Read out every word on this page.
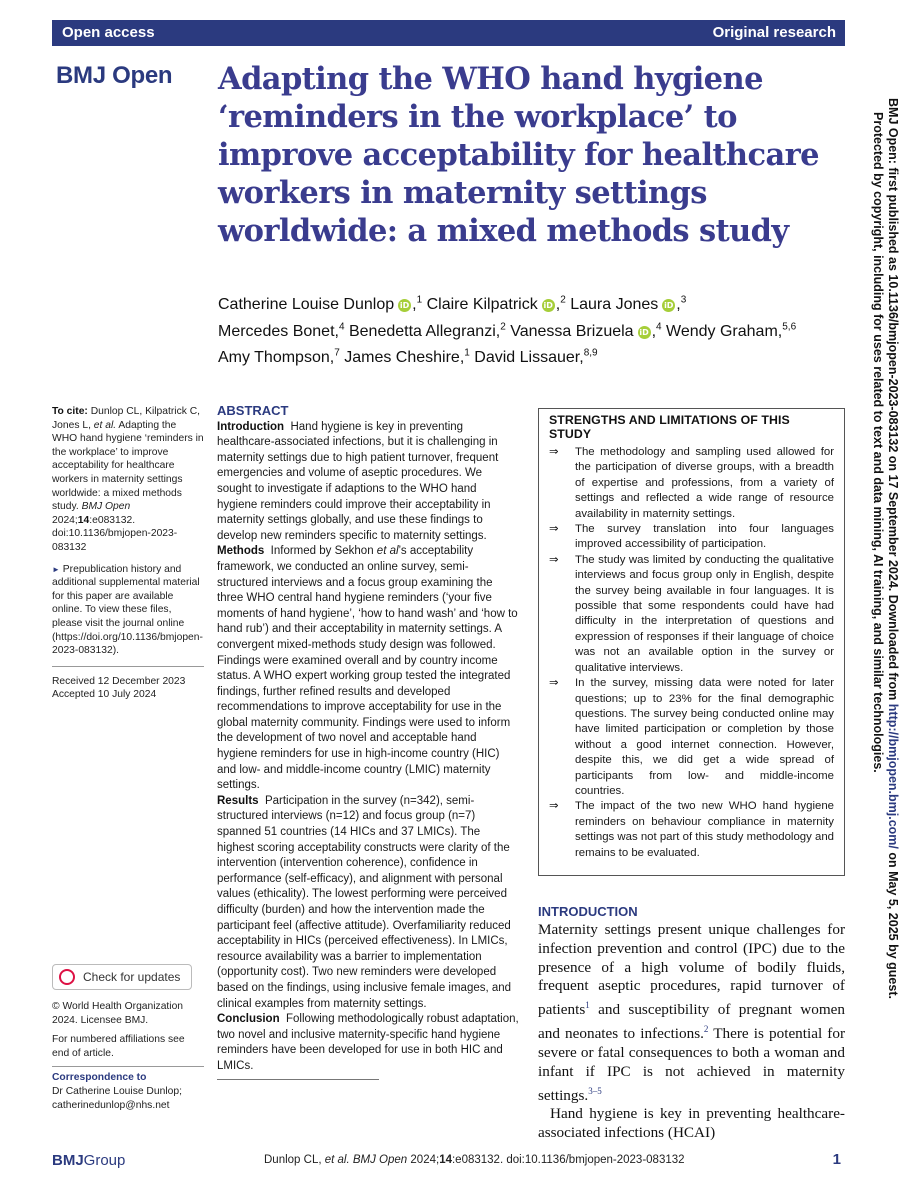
Open access	Original research
BMJ Open Adapting the WHO hand hygiene ‘reminders in the workplace’ to improve acceptability for healthcare workers in maternity settings worldwide: a mixed methods study
Catherine Louise Dunlop iD ,$^1$ Claire Kilpatrick iD ,$^2$ Laura Jones iD ,$^3$
Mercedes Bonet,$^4$ Benedetta Allegranzi,$^2$ Vanessa Brizuela iD ,$^4$ Wendy Graham,$^{5,6}$
Amy Thompson,$^7$ James Cheshire,$^1$ David Lissauer,$^{8,9}$
To cite: Dunlop CL, Kilpatrick C, Jones L, et al. Adapting the WHO hand hygiene ‘reminders in the workplace’ to improve acceptability for healthcare workers in maternity settings worldwide: a mixed methods study. BMJ Open 2024;14:e083132. doi:10.1136/bmjopen-2023-083132
► Prepublication history and additional supplemental material for this paper are available online. To view these files, please visit the journal online (https://doi.org/10.1136/bmjopen-2023-083132).
Received 12 December 2023
Accepted 10 July 2024
Check for updates
© World Health Organization 2024. Licensee BMJ.
For numbered affiliations see end of article.
Correspondence to
Dr Catherine Louise Dunlop;
catherinedunlop@nhs.net
ABSTRACT

Introduction Hand hygiene is key in preventing healthcare-associated infections, but it is challenging in maternity settings due to high patient turnover, frequent emergencies and volume of aseptic procedures. We sought to investigate if adaptions to the WHO hand hygiene reminders could improve their acceptability in maternity settings globally, and use these findings to develop new reminders specific to maternity settings.
Methods Informed by Sekhon et al’s acceptability framework, we conducted an online survey, semi-structured interviews and a focus group examining the three WHO central hand hygiene reminders (‘your five moments of hand hygiene’, ‘how to hand wash’ and ‘how to hand rub’) and their acceptability in maternity settings. A convergent mixed-methods study design was followed. Findings were examined overall and by country income status. A WHO expert working group tested the integrated findings, further refined results and developed recommendations to improve acceptability for use in the global maternity community. Findings were used to inform the development of two novel and acceptable hand hygiene reminders for use in high-income country (HIC) and low- and middle-income country (LMIC) maternity settings.
Results Participation in the survey (n=342), semi-structured interviews (n=12) and focus group (n=7) spanned 51 countries (14 HICs and 37 LMICs). The highest scoring acceptability constructs were clarity of the intervention (intervention coherence), confidence in performance (self-efficacy), and alignment with personal values (ethicality). The lowest performing were perceived difficulty (burden) and how the intervention made the participant feel (affective attitude). Overfamiliarity reduced acceptability in HICs (perceived effectiveness). In LMICs, resource availability was a barrier to implementation (opportunity cost). Two new reminders were developed based on the findings, using inclusive female images, and clinical examples from maternity settings.
Conclusion Following methodologically robust adaptation, two novel and inclusive maternity-specific hand hygiene reminders have been developed for use in both HIC and LMICs.

STRENGTHS AND LIMITATIONS OF THIS STUDY
⇒ The methodology and sampling used allowed for the participation of diverse groups, with a breadth of expertise and professions, from a variety of settings and reflected a wide range of resource availability in maternity settings.
⇒ The survey translation into four languages improved accessibility of participation.
⇒ The study was limited by conducting the qualitative interviews and focus group only in English, despite the survey being available in four languages. It is possible that some respondents could have had difficulty in the interpretation of questions and expression of responses if their language of choice was not an available option in the survey or qualitative interviews.
⇒ In the survey, missing data were noted for later questions; up to 23% for the final demographic questions. The survey being conducted online may have limited participation or completion by those without a good internet connection. However, despite this, we did get a wide spread of participants from low- and middle-income countries.
⇒ The impact of the two new WHO hand hygiene reminders on behaviour compliance in maternity settings was not part of this study methodology and remains to be evaluated.
INTRODUCTION

Maternity settings present unique challenges for infection prevention and control (IPC) due to the presence of a high volume of bodily fluids, frequent aseptic procedures, rapid turnover of patients$^1$ and susceptibility of pregnant women and neonates to infections.$^2$ There is potential for severe or fatal consequences to both a woman and infant if IPC is not achieved in maternity settings.$^{3-5}$

Hand hygiene is key in preventing healthcare-associated infections (HCAI)

BMJ Open: first published as 10.1136/bmjopen-2023-083132 on 17 September 2024. Downloaded from http://bmjopen.bmj.com/ on May 5, 2025 by guest.
Protected by copyright, including for uses related to text and data mining, AI training, and similar technologies.
BMJGroup	Dunlop CL, et al. BMJ Open 2024;14:e083132. doi:10.1136/bmjopen-2023-083132	1
